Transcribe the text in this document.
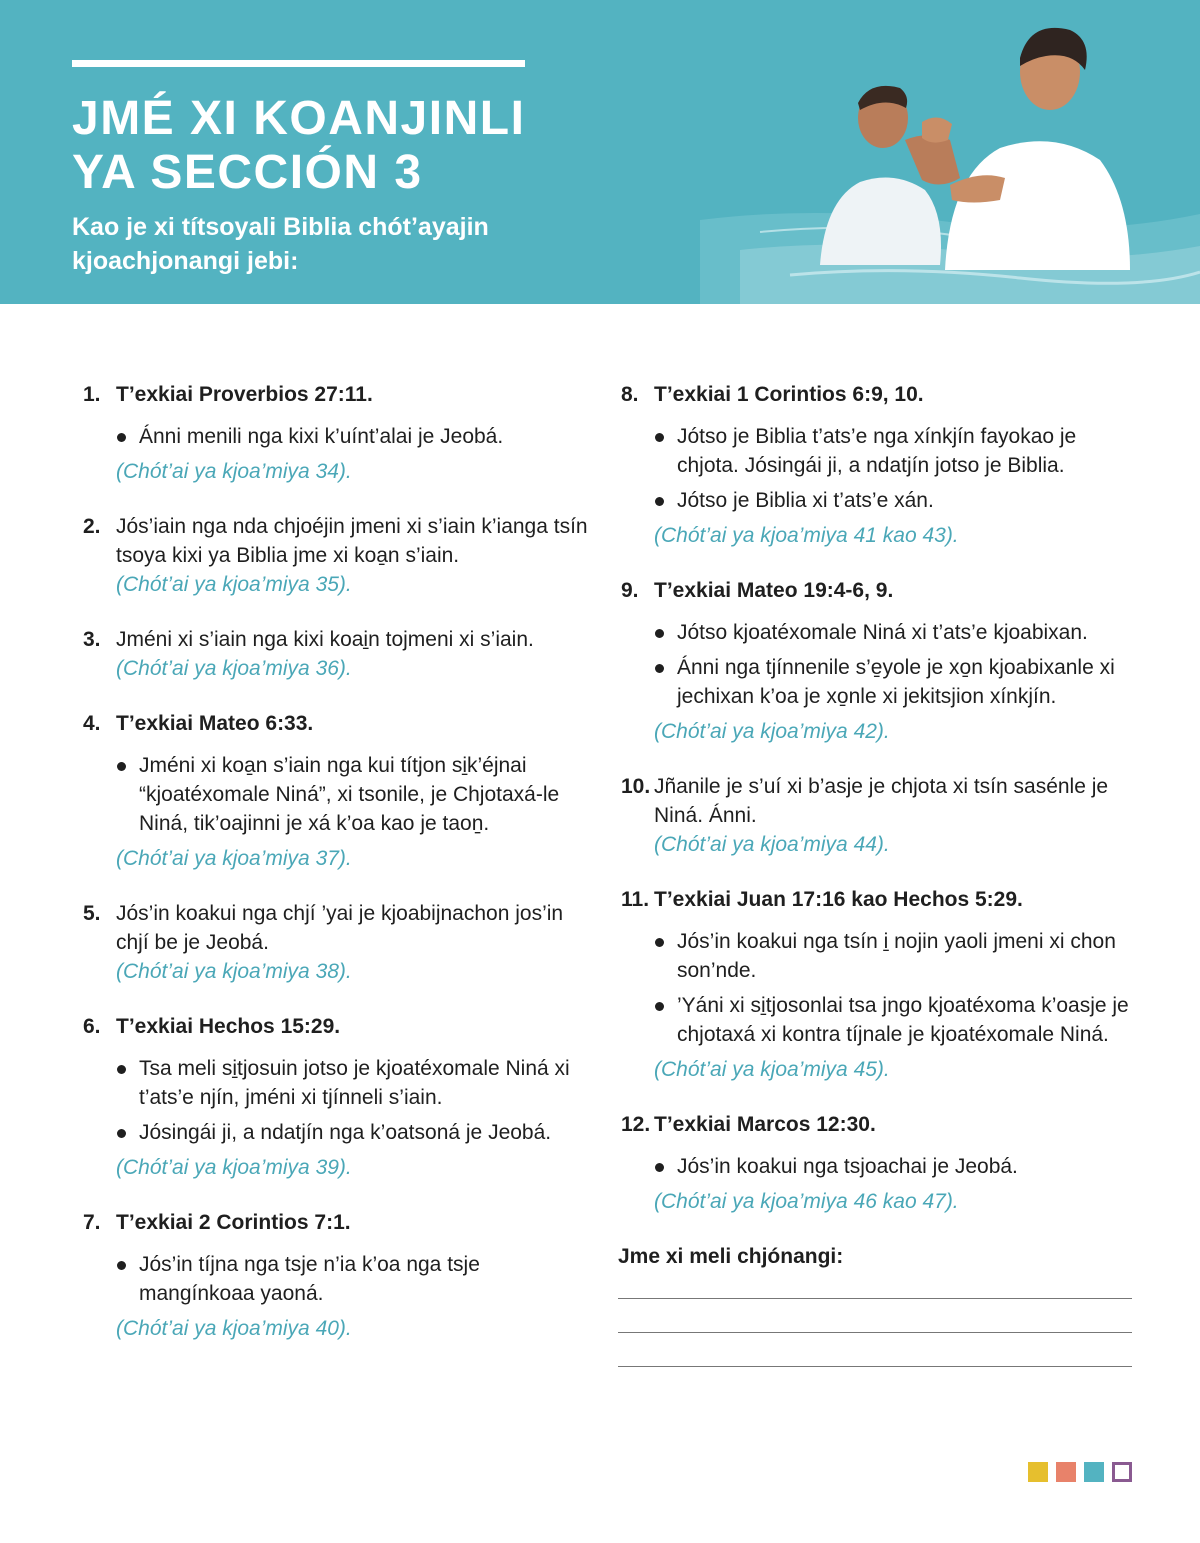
JMÉ XI KOANJINLI
YA SECCIÓN 3
Kao je xi títsoyali Biblia chót’ayajin
kjoachjonangi jebi:
1. T’exkiai Proverbios 27:11.
Ánni menili nga kixi k’uínt’alai je Jeobá.
(Chót’ai ya kjoa’miya 34).
2. Jós’iain nga nda chjoéjin jmeni xi s’iain k’ianga tsín tsoya kixi ya Biblia jme xi koa̱n s’iain.
(Chót’ai ya kjoa’miya 35).
3. Jméni xi s’iain nga kixi koai̱n tojmeni xi s’iain.
(Chót’ai ya kjoa’miya 36).
4. T’exkiai Mateo 6:33.
Jméni xi koa̱n s’iain nga kui títjon si̱k’éjnai “kjoatéxomale Niná”, xi tsonile, je Chjotaxá-le Niná, tik’oajinni je xá k’oa kao je taoṉ.
(Chót’ai ya kjoa’miya 37).
5. Jós’in koakui nga chjí ’yai je kjoabijnachon jos’in chjí be je Jeobá.
(Chót’ai ya kjoa’miya 38).
6. T’exkiai Hechos 15:29.
Tsa meli si̱tjosuin jotso je kjoatéxomale Niná xi t’ats’e njín, jméni xi tjínneli s’iain.
Jósingái ji, a ndatjín nga k’oatsoná je Jeobá.
(Chót’ai ya kjoa’miya 39).
7. T’exkiai 2 Corintios 7:1.
Jós’in tíjna nga tsje n’ia k’oa nga tsje mangínkoaa yaoná.
(Chót’ai ya kjoa’miya 40).
8. T’exkiai 1 Corintios 6:9, 10.
Jótso je Biblia t’ats’e nga xínkjín fayokao je chjota. Jósingái ji, a ndatjín jotso je Biblia.
Jótso je Biblia xi t’ats’e xán.
(Chót’ai ya kjoa’miya 41 kao 43).
9. T’exkiai Mateo 19:4-6, 9.
Jótso kjoatéxomale Niná xi t’ats’e kjoabixan.
Ánni nga tjínnenile s’e̱yole je xo̱n kjoabixanle xi jechixan k’oa je xo̱nle xi jekitsjion xínkjín.
(Chót’ai ya kjoa’miya 42).
10. Jñanile je s’uí xi b’asje je chjota xi tsín sasénle je Niná. Ánni.
(Chót’ai ya kjoa’miya 44).
11. T’exkiai Juan 17:16 kao Hechos 5:29.
Jós’in koakui nga tsín i̱ nojin yaoli jmeni xi chon son’nde.
’Yáni xi si̱tjosonlai tsa jngo kjoatéxoma k’oasje je chjotaxá xi kontra tíjnale je kjoatéxomale Niná.
(Chót’ai ya kjoa’miya 45).
12. T’exkiai Marcos 12:30.
Jós’in koakui nga tsjoachai je Jeobá.
(Chót’ai ya kjoa’miya 46 kao 47).
Jme xi meli chjónangi:
